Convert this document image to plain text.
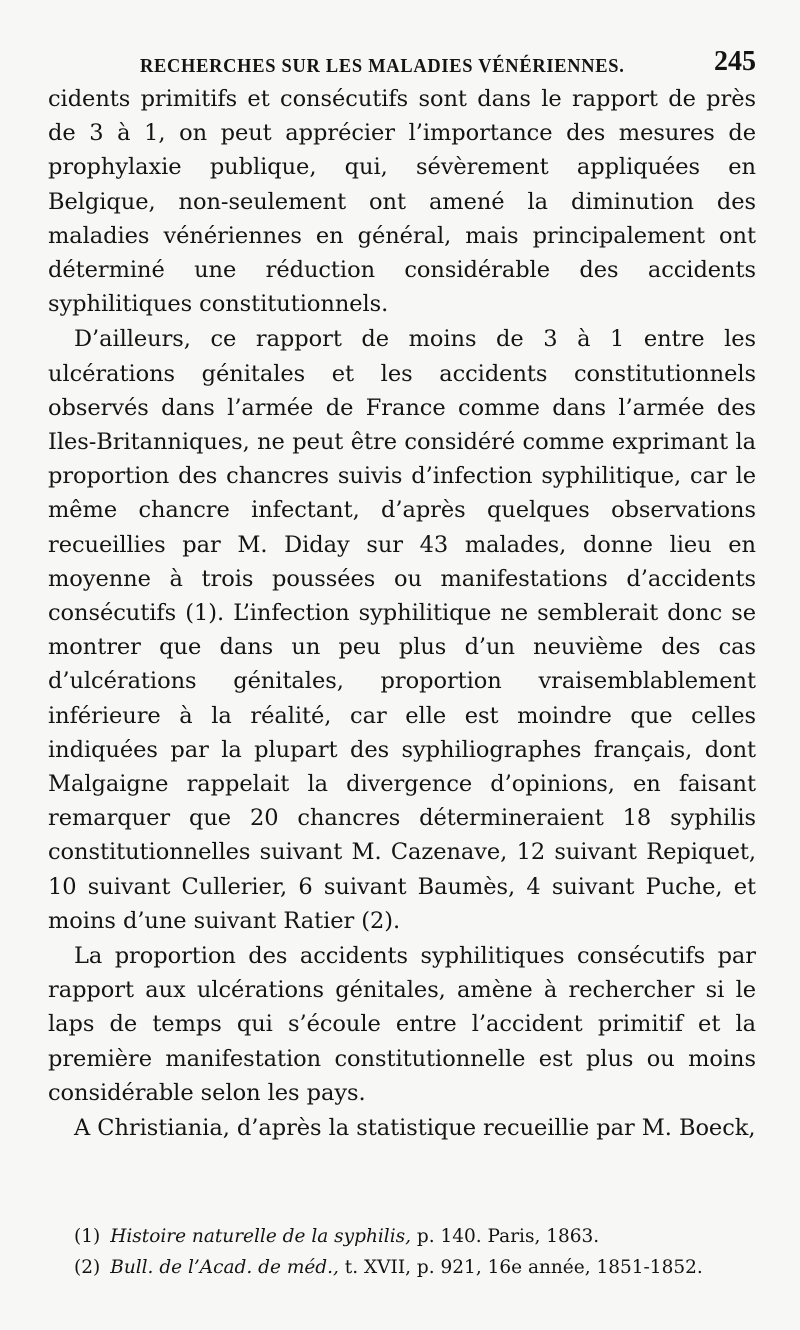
RECHERCHES SUR LES MALADIES VÉNÉRIENNES.	245

cidents primitifs et consécutifs sont dans le rapport de près de 3 à 1, on peut apprécier l’importance des mesures de prophylaxie publique, qui, sévèrement appliquées en Belgique, non-seulement ont amené la diminution des maladies vénériennes en général, mais principalement ont déterminé une réduction considérable des accidents syphilitiques constitutionnels.

D’ailleurs, ce rapport de moins de 3 à 1 entre les ulcérations génitales et les accidents constitutionnels observés dans l’armée de France comme dans l’armée des Iles-Britanniques, ne peut être considéré comme exprimant la proportion des chancres suivis d’infection syphilitique, car le même chancre infectant, d’après quelques observations recueillies par M. Diday sur 43 malades, donne lieu en moyenne à trois poussées ou manifestations d’accidents consécutifs (1). L’infection syphilitique ne semblerait donc se montrer que dans un peu plus d’un neuvième des cas d’ulcérations génitales, proportion vraisemblablement inférieure à la réalité, car elle est moindre que celles indiquées par la plupart des syphiliographes français, dont Malgaigne rappelait la divergence d’opinions, en faisant remarquer que 20 chancres détermineraient 18 syphilis constitutionnelles suivant M. Cazenave, 12 suivant Repiquet, 10 suivant Cullerier, 6 suivant Baumès, 4 suivant Puche, et moins d’une suivant Ratier (2).

La proportion des accidents syphilitiques consécutifs par rapport aux ulcérations génitales, amène à rechercher si le laps de temps qui s’écoule entre l’accident primitif et la première manifestation constitutionnelle est plus ou moins considérable selon les pays.

A Christiania, d’après la statistique recueillie par M. Boeck,

(1) Histoire naturelle de la syphilis, p. 140. Paris, 1863.

(2) Bull. de l’Acad. de méd., t. XVII, p. 921, 16e année, 1851-1852.
